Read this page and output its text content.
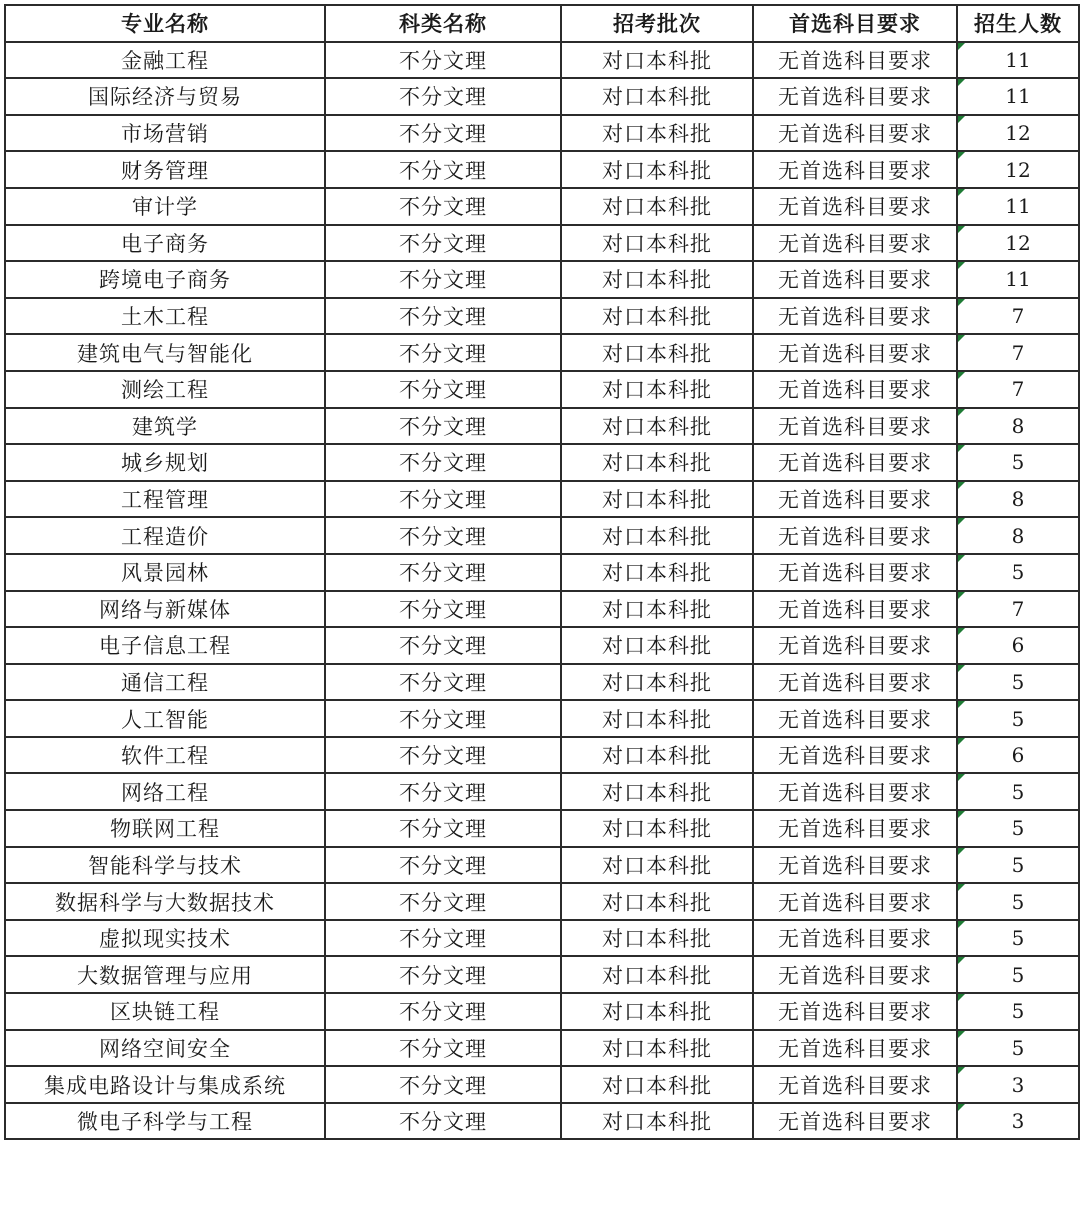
专业名称	科类名称	招考批次	首选科目要求	招生人数
金融工程	不分文理	对口本科批	无首选科目要求	11
国际经济与贸易	不分文理	对口本科批	无首选科目要求	11
市场营销	不分文理	对口本科批	无首选科目要求	12
财务管理	不分文理	对口本科批	无首选科目要求	12
审计学	不分文理	对口本科批	无首选科目要求	11
电子商务	不分文理	对口本科批	无首选科目要求	12
跨境电子商务	不分文理	对口本科批	无首选科目要求	11
土木工程	不分文理	对口本科批	无首选科目要求	7
建筑电气与智能化	不分文理	对口本科批	无首选科目要求	7
测绘工程	不分文理	对口本科批	无首选科目要求	7
建筑学	不分文理	对口本科批	无首选科目要求	8
城乡规划	不分文理	对口本科批	无首选科目要求	5
工程管理	不分文理	对口本科批	无首选科目要求	8
工程造价	不分文理	对口本科批	无首选科目要求	8
风景园林	不分文理	对口本科批	无首选科目要求	5
网络与新媒体	不分文理	对口本科批	无首选科目要求	7
电子信息工程	不分文理	对口本科批	无首选科目要求	6
通信工程	不分文理	对口本科批	无首选科目要求	5
人工智能	不分文理	对口本科批	无首选科目要求	5
软件工程	不分文理	对口本科批	无首选科目要求	6
网络工程	不分文理	对口本科批	无首选科目要求	5
物联网工程	不分文理	对口本科批	无首选科目要求	5
智能科学与技术	不分文理	对口本科批	无首选科目要求	5
数据科学与大数据技术	不分文理	对口本科批	无首选科目要求	5
虚拟现实技术	不分文理	对口本科批	无首选科目要求	5
大数据管理与应用	不分文理	对口本科批	无首选科目要求	5
区块链工程	不分文理	对口本科批	无首选科目要求	5
网络空间安全	不分文理	对口本科批	无首选科目要求	5
集成电路设计与集成系统	不分文理	对口本科批	无首选科目要求	3
微电子科学与工程	不分文理	对口本科批	无首选科目要求	3
